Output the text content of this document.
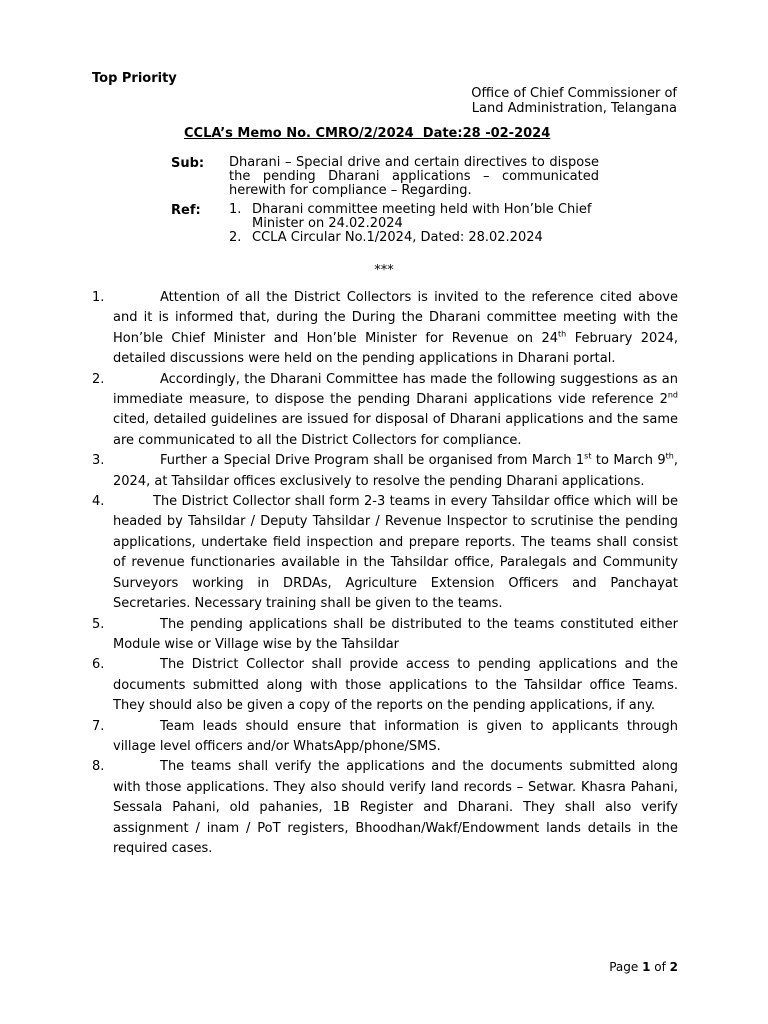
Top Priority
Office of Chief Commissioner of
Land Administration, Telangana
CCLA’s Memo No. CMRO/2/2024  Date:28 -02-2024
Sub: Dharani – Special drive and certain directives to dispose the pending Dharani applications – communicated herewith for compliance – Regarding.
Ref: 1. Dharani committee meeting held with Hon’ble Chief Minister on 24.02.2024
2. CCLA Circular No.1/2024, Dated: 28.02.2024
***
1.	Attention of all the District Collectors is invited to the reference cited above and it is informed that, during the During the Dharani committee meeting with the Hon’ble Chief Minister and Hon’ble Minister for Revenue on 24th February 2024, detailed discussions were held on the pending applications in Dharani portal.
2.	Accordingly, the Dharani Committee has made the following suggestions as an immediate measure, to dispose the pending Dharani applications vide reference 2nd cited, detailed guidelines are issued for disposal of Dharani applications and the same are communicated to all the District Collectors for compliance.
3.	Further a Special Drive Program shall be organised from March 1st to March 9th, 2024, at Tahsildar offices exclusively to resolve the pending Dharani applications.
4.	The District Collector shall form 2-3 teams in every Tahsildar office which will be headed by Tahsildar / Deputy Tahsildar / Revenue Inspector to scrutinise the pending applications, undertake field inspection and prepare reports. The teams shall consist of revenue functionaries available in the Tahsildar office, Paralegals and Community Surveyors working in DRDAs, Agriculture Extension Officers and Panchayat Secretaries. Necessary training shall be given to the teams.
5.	The pending applications shall be distributed to the teams constituted either Module wise or Village wise by the Tahsildar
6.	The District Collector shall provide access to pending applications and the documents submitted along with those applications to the Tahsildar office Teams. They should also be given a copy of the reports on the pending applications, if any.
7.	Team leads should ensure that information is given to applicants through village level officers and/or WhatsApp/phone/SMS.
8.	The teams shall verify the applications and the documents submitted along with those applications. They also should verify land records – Setwar. Khasra Pahani, Sessala Pahani, old pahanies, 1B Register and Dharani. They shall also verify assignment / inam / PoT registers, Bhoodhan/Wakf/Endowment lands details in the required cases.
Page 1 of 2
